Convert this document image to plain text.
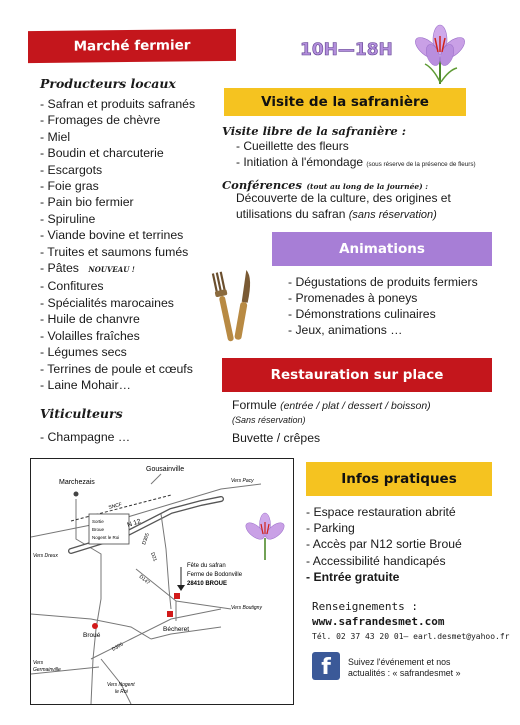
Marché fermier	10H—18H
Producteurs locaux
- Safran et produits safranés
- Fromages de chèvre
- Miel
- Boudin et charcuterie
- Escargots
- Foie gras
- Pain bio fermier
- Spiruline
- Viande bovine et terrines
- Truites et saumons fumés
- Pâtes NOUVEAU !
- Confitures
- Spécialités marocaines
- Huile de chanvre
- Volailles fraîches
- Légumes secs
- Terrines de poule et cœufs
- Laine Mohair…
Viticulteurs
- Champagne …
Visite de la safranière
Visite libre de la safranière :
- Cueillette des fleurs
- Initiation à l'émondage (sous réserve de la présence de fleurs)
Conférences (tout au long de la journée) :
Découverte de la culture, des origines et
utilisations du safran (sans réservation)
Animations
- Dégustations de produits fermiers
- Promenades à poneys
- Démonstrations culinaires
- Jeux, animations …
Restauration sur place
Formule (entrée / plat / dessert / boisson)
(Sans réservation)
Buvette / crêpes
Marchezais
Gousainville
Vers Pacy
Sortie
Broue
Nogent le Roi
SNCF
N 12
D305
D21
D147
D305
Vers Dreux
Fête du safran
Ferme de Bodonville
28410 BROUE
Vers Boutigny
Vers
Germainville
Broué
Bécheret
Vers Nogent
le Roi
Infos pratiques
- Espace restauration abrité
- Parking
- Accès par N12 sortie Broué
- Accessibilité handicapés
- Entrée gratuite
Renseignements :
www.safrandesmet.com
Tél. 02 37 43 20 01— earl.desmet@yahoo.fr
f	Suivez l'événement et nos
actualités : « safrandesmet »
